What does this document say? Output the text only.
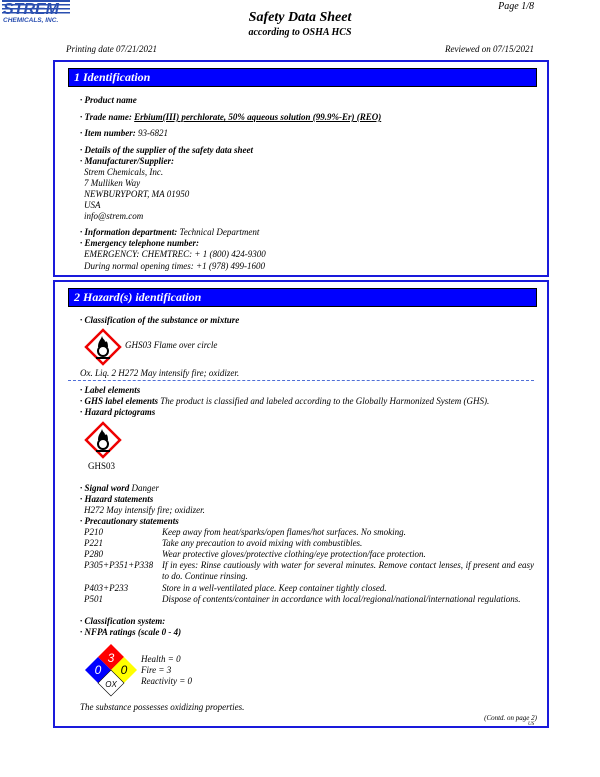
STREM
CHEMICALS, INC.
Page 1/8
Safety Data Sheet
according to OSHA HCS
Printing date 07/21/2021	Reviewed on 07/15/2021
1 Identification
· Product name
· Trade name: Erbium(III) perchlorate, 50% aqueous solution (99.9%-Er) (REO)
· Item number: 93-6821
· Details of the supplier of the safety data sheet
· Manufacturer/Supplier:
Strem Chemicals, Inc.
7 Mulliken Way
NEWBURYPORT, MA 01950
USA
info@strem.com
· Information department: Technical Department
· Emergency telephone number:
EMERGENCY: CHEMTREC: + 1 (800) 424-9300
During normal opening times: +1 (978) 499-1600
2 Hazard(s) identification
· Classification of the substance or mixture
GHS03 Flame over circle
Ox. Liq. 2 H272 May intensify fire; oxidizer.
· Label elements
· GHS label elements The product is classified and labeled according to the Globally Harmonized System (GHS).
· Hazard pictograms
GHS03
· Signal word Danger
· Hazard statements
H272 May intensify fire; oxidizer.
· Precautionary statements
P210	Keep away from heat/sparks/open flames/hot surfaces. No smoking.
P221	Take any precaution to avoid mixing with combustibles.
P280	Wear protective gloves/protective clothing/eye protection/face protection.
P305+P351+P338 If in eyes: Rinse cautiously with water for several minutes. Remove contact lenses, if present and easy to do. Continue rinsing.
P403+P233	Store in a well-ventilated place. Keep container tightly closed.
P501	Dispose of contents/container in accordance with local/regional/national/international regulations.
· Classification system:
· NFPA ratings (scale 0 - 4)
3
0 0
OX
Health = 0
Fire = 3
Reactivity = 0
The substance possesses oxidizing properties.
(Contd. on page 2)
US
